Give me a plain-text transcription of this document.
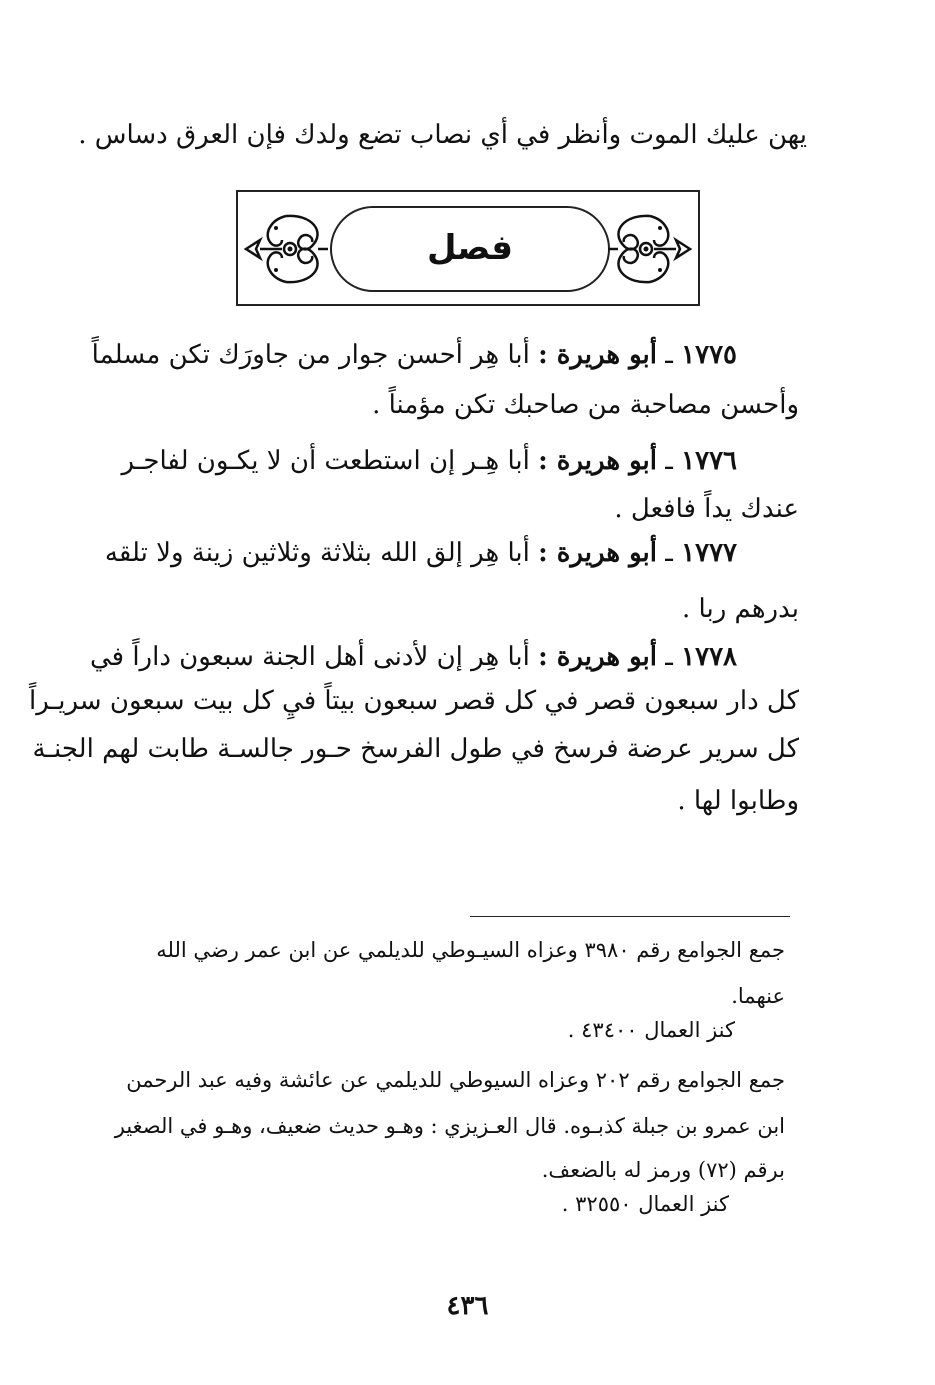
يهن عليك الموت وأنظر في أي نصاب تضع ولدك فإن العرق دساس .
فصل
١٧٧٥ ـ أبو هريرة : أبا هِر أحسن جوار من جاورَك تكن مسلماً
وأحسن مصاحبة من صاحبك تكن مؤمناً .
١٧٧٦ ـ أبو هريرة : أبا هِـر إن استطعت أن لا يكـون لفاجـر
عندك يداً فافعل .
١٧٧٧ ـ أبو هريرة : أبا هِر إلق الله بثلاثة وثلاثين زينة ولا تلقه
بدرهم ربا .
١٧٧٨ ـ أبو هريرة : أبا هِر إن لأدنى أهل الجنة سبعون داراً في
كل دار سبعون قصر في كل قصر سبعون بيتاً فيِ كل بيت سبعون سريـراً
كل سرير عرضة فرسخ في طول الفرسخ حـور جالسـة طابت لهم الجنـة
وطابوا لها .
جمع الجوامع رقم ٣٩٨٠ وعزاه السيـوطي للديلمي عن ابن عمر رضي الله
عنهما.
كنز العمال ٤٣٤٠٠ .
جمع الجوامع رقم ٢٠٢ وعزاه السيوطي للديلمي عن عائشة وفيه عبد الرحمن
ابن عمرو بن جبلة كذبـوه. قال العـزيزي : وهـو حديث ضعيف، وهـو في الصغير
برقم (٧٢) ورمز له بالضعف.
كنز العمال ٣٢٥٥٠ .
٤٣٦
